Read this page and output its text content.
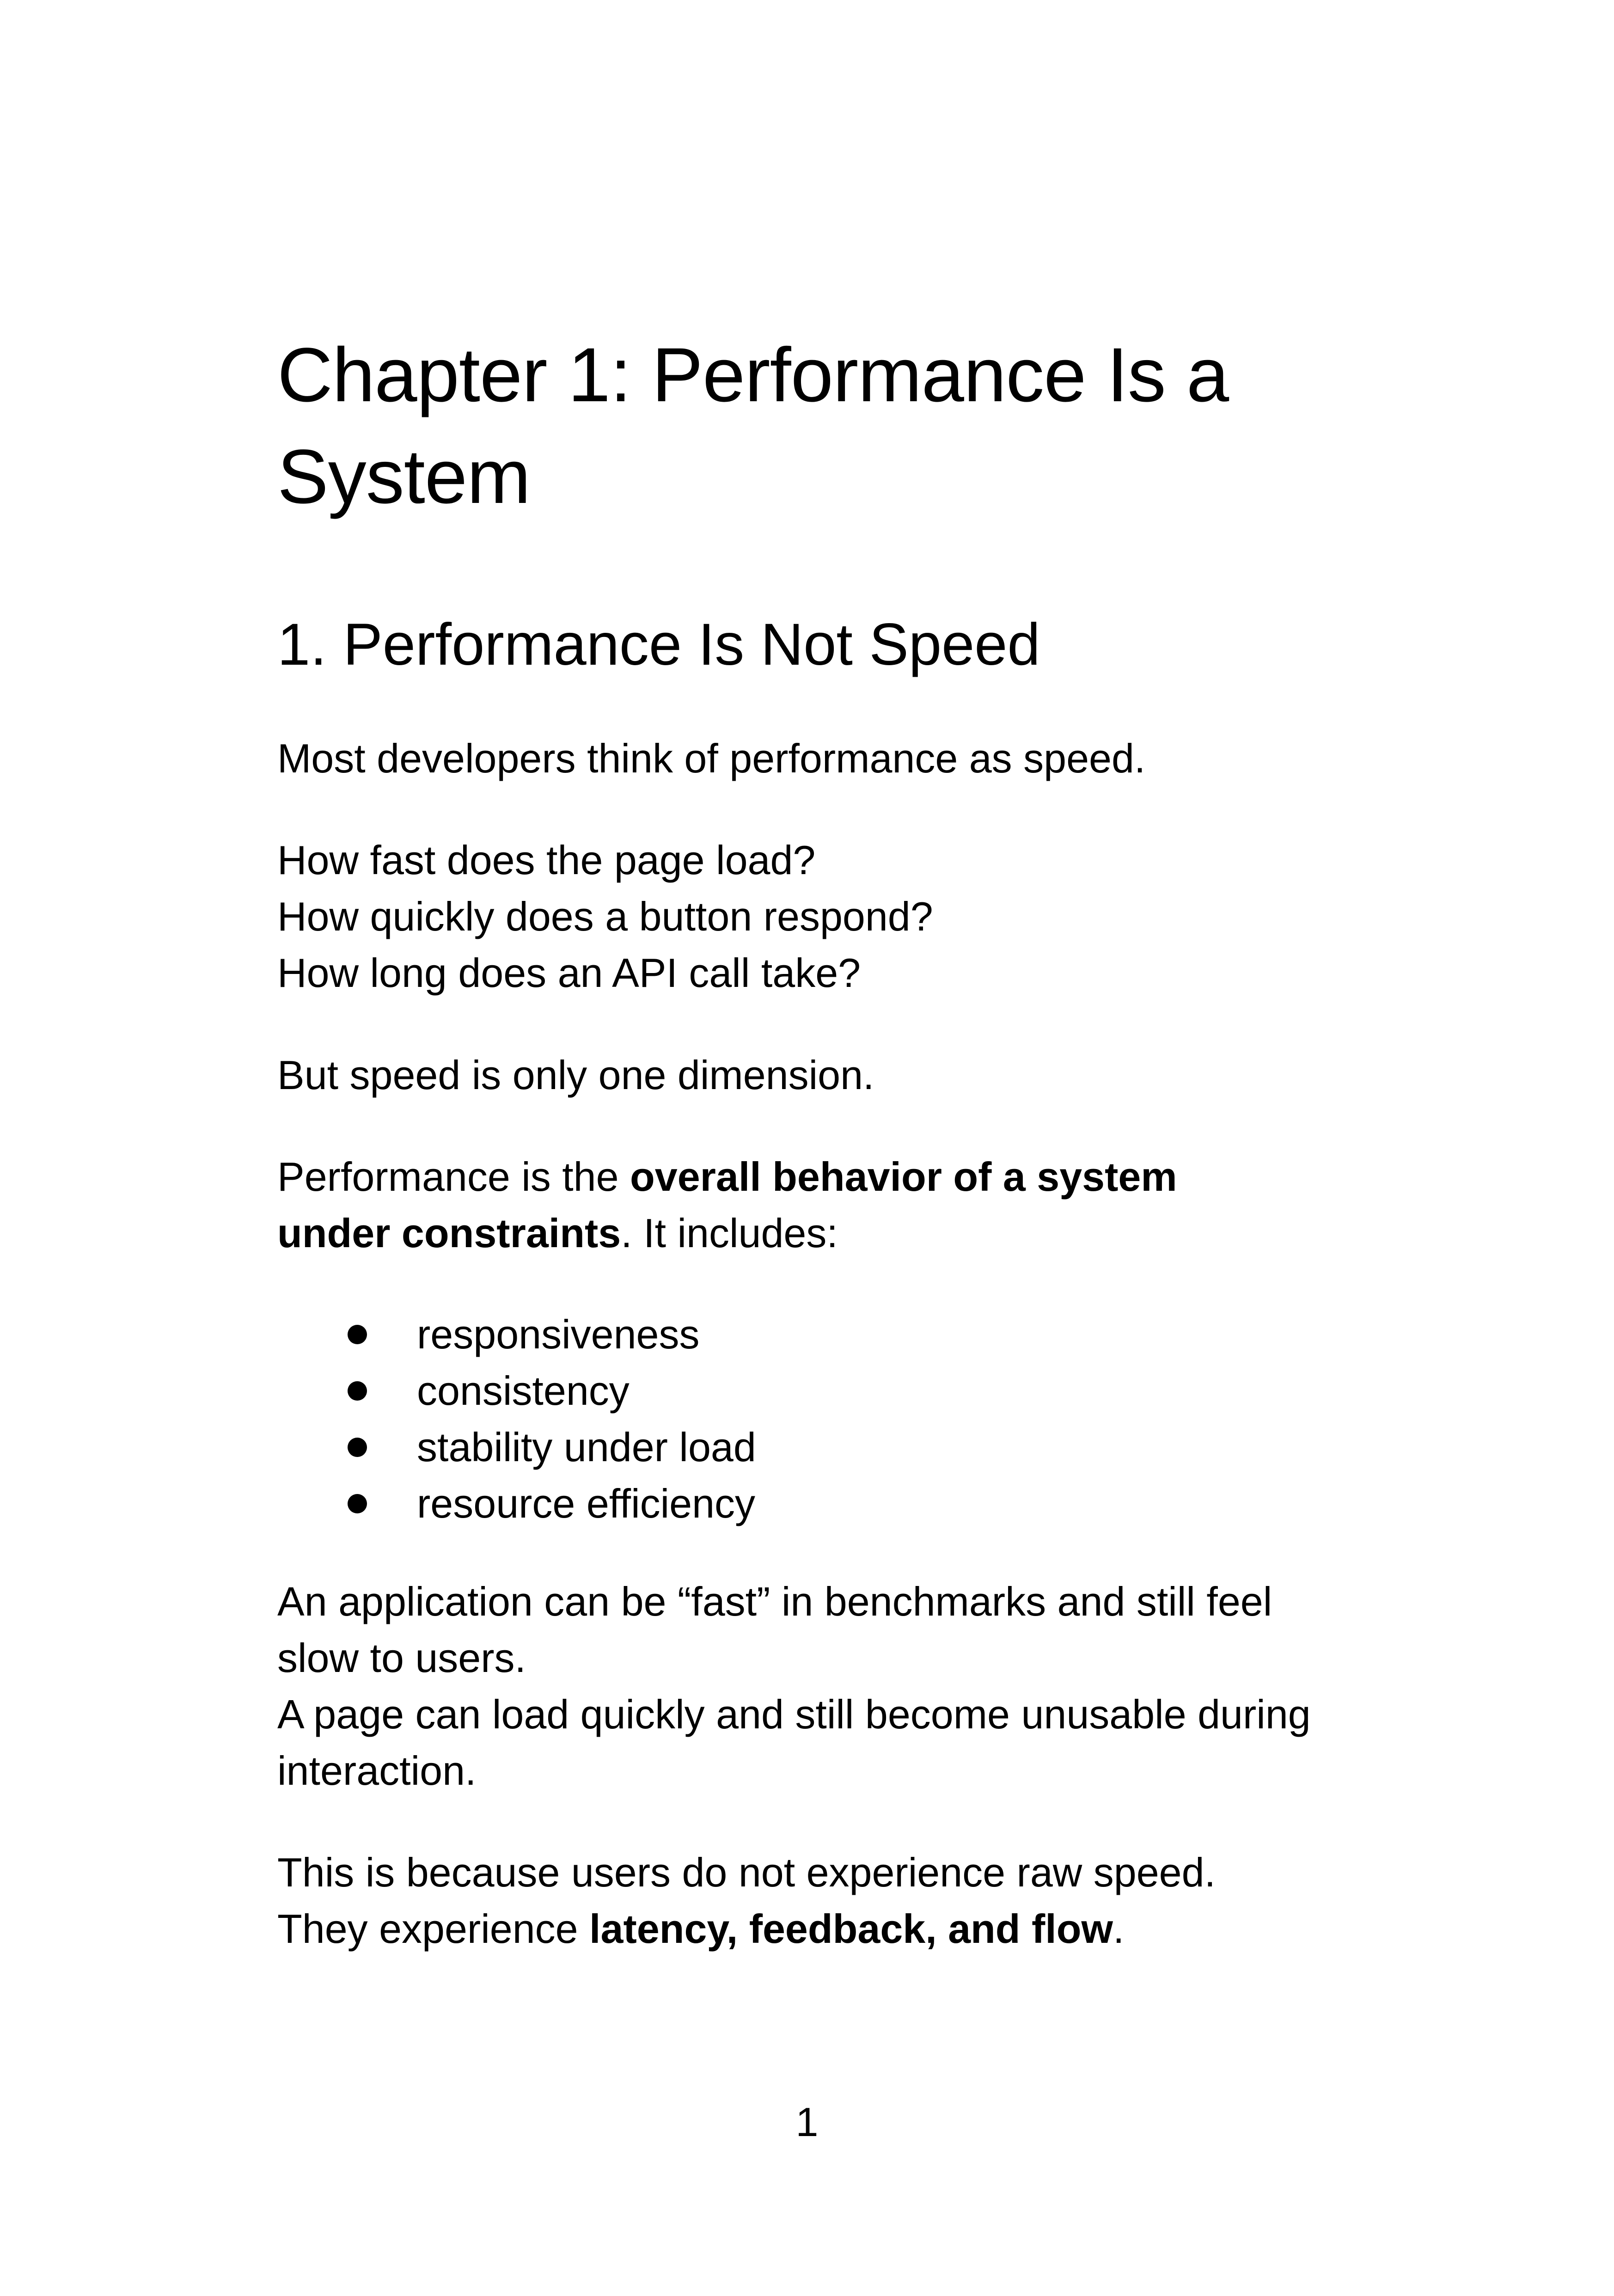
Chapter 1: Performance Is a System
1. Performance Is Not Speed

Most developers think of performance as speed.

How fast does the page load?
How quickly does a button respond?
How long does an API call take?

But speed is only one dimension.

Performance is the overall behavior of a system under constraints. It includes:

responsiveness
consistency
stability under load
resource efficiency

An application can be “fast” in benchmarks and still feel slow to users.
A page can load quickly and still become unusable during interaction.

This is because users do not experience raw speed.
They experience latency, feedback, and flow.

1
